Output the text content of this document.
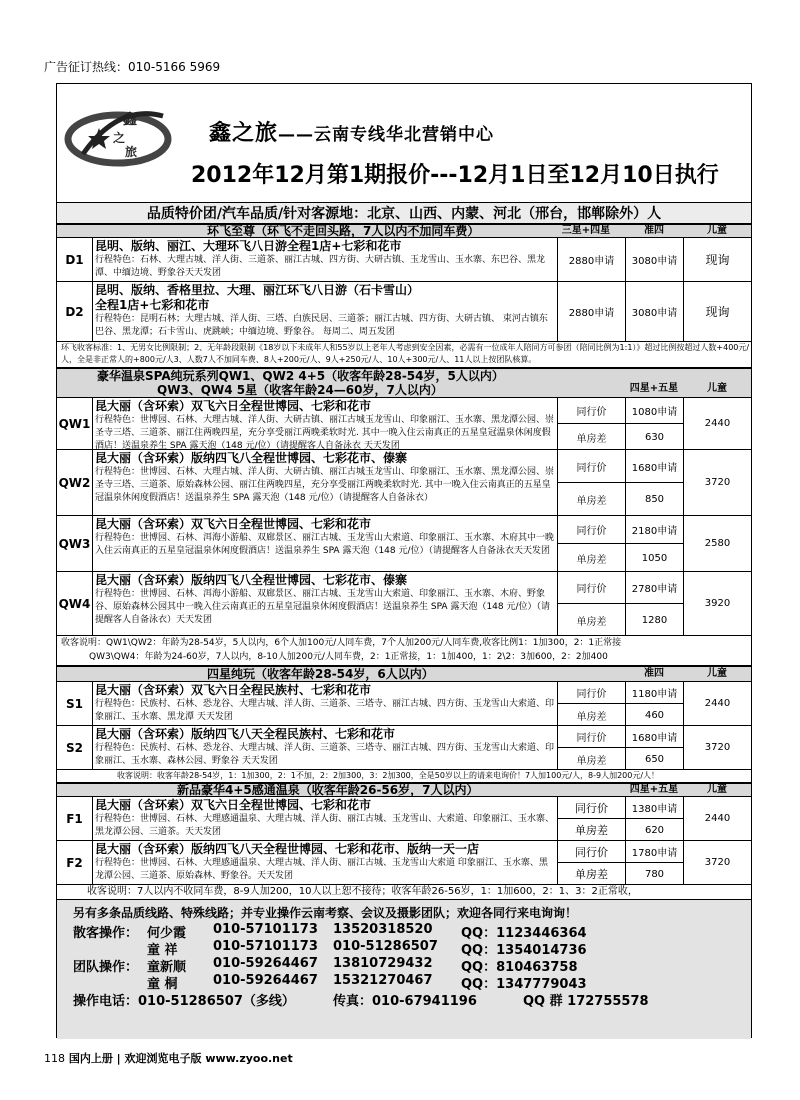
广告征订热线：010-5166 5969
鑫
之
旅
鑫之旅——云南专线华北营销中心
2012年12月第1期报价---12月1日至12月10日执行
品质特价团/汽车品质/针对客源地：北京、山西、内蒙、河北（邢台，邯郸除外）人
环飞至尊（环飞不走回头路，7人以内不加同车费）	三星+四星	准四	儿童
D1
昆明、版纳、丽江、大理环飞八日游全程1店+七彩和花市
行程特色：石林、大理古城、洋人街、三道茶、丽江古城、四方街、大研古镇、玉龙雪山、玉水寨、东巴谷、黑龙潭、中缅边境、野象谷天天发团
2880申请	3080申请	现询
D2
昆明、版纳、香格里拉、大理、丽江环飞八日游（石卡雪山）
全程1店+七彩和花市
行程特色：昆明石林；大理古城、洋人街、三塔、白族民居、三道茶；丽江古城、四方街、大研古镇、 束河古镇东巴谷、黑龙潭；石卡雪山、虎跳峡；中缅边境、野象谷。 每周二、周五发团
2880申请	3080申请	现询
环飞收客标准：1、无男女比例限制；2、无年龄段限制《18岁以下未成年人和55岁以上老年人考虑到安全因素，必需有一位成年人陪同方可参团（陪同比例为1:1）》超过比例按超过人数+400元/人，全是非正常人的+800元/人3、人数7人不加同车费、8人+200元/人、9人+250元/人、10人+300元/人、11人以上按团队核算。
豪华温泉SPA纯玩系列QW1、QW2 4+5（收客年龄28-54岁，5人以内）
QW3、QW4 5星（收客年龄24—60岁，7人以内）	四星+五星	儿童
QW1
昆大丽（含环索）双飞六日全程世博园、七彩和花市
行程特色：世博园、石林、大理古城、洋人街、大研古镇、丽江古城玉龙雪山、印象丽江、玉水寨、黑龙潭公园、崇圣寺三塔、三道茶、丽江住两晚四星，充分享受丽江两晚柔软时光. 其中一晚入住云南真正的五星皇冠温泉休闲度假酒店！送温泉养生 SPA 露天泡（148 元/位）（请提醒客人自备泳衣 天天发团
同行价	1080申请
单房差	630
2440
QW2
昆大丽（含环索）版纳四飞八全程世博园、七彩花市、傣寨
行程特色：世博园、石林、大理古城、洋人街、大研古镇、丽江古城玉龙雪山、印象丽江、玉水寨、黑龙潭公园、崇圣寺三塔、三道茶、原始森林公园、丽江住两晚四星，充分享受丽江两晚柔软时光. 其中一晚入住云南真正的五星皇冠温泉休闲度假酒店！送温泉养生 SPA 露天泡（148 元/位）（请提醒客人自备泳衣）
同行价	1680申请
单房差	850
3720
QW3
昆大丽（含环索）双飞六日全程世博园、七彩和花市
行程特色：世博园、石林、洱海小游船、双廊景区、丽江古城、玉龙雪山大索道、印象丽江、玉水寨、木府其中一晚入住云南真正的五星皇冠温泉休闲度假酒店！送温泉养生 SPA 露天泡（148 元/位）（请提醒客人自备泳衣天天发团
同行价	2180申请
单房差	1050
2580
QW4
昆大丽（含环索）版纳四飞八全程世博园、七彩花市、傣寨
行程特色：世博园、石林、洱海小游船、双廊景区、丽江古城、玉龙雪山大索道、印象丽江、玉水寨、木府、野象谷、原始森林公园其中一晚入住云南真正的五星皇冠温泉休闲度假酒店！送温泉养生 SPA 露天泡（148 元/位）（请提醒客人自备泳衣）天天发团
同行价	2780申请
单房差	1280
3920
收客说明：QW1\QW2：年龄为28-54岁，5人以内，6个人加100元/人同车费，7个人加200元/人同车费,收客比例1：1加300，2：1正常接
QW3\QW4：年龄为24-60岁，7人以内，8-10人加200元/人同车费，2：1正常接，1：1加400，1：2\2：3加600，2：2加400
四星纯玩（收客年龄28-54岁，6人以内）	准四	儿童
S1
昆大丽（含环索）双飞六日全程民族村、七彩和花市
行程特色：民族村、石林、恐龙谷、大理古城、洋人街、三道茶、三塔寺、丽江古城、四方街、玉龙雪山大索道、印象丽江、玉水寨、黑龙潭 天天发团
同行价	1180申请
单房差	460
2440
S2
昆大丽（含环索）版纳四飞八天全程民族村、七彩和花市
行程特色：民族村、石林、恐龙谷、大理古城、洋人街、三道茶、三塔寺、丽江古城、四方街、玉龙雪山大索道、印象丽江、玉水寨、森林公园、野象谷 天天发团
同行价	1680申请
单房差	650
3720
收客说明：收客年龄28-54岁，1：1加300，2：1不加，2：2加300，3：2加300，全是50岁以上的请来电询价！7人加100元/人，8-9人加200元/人！
新品豪华4+5感通温泉（收客年龄26-56岁，7人以内）	四星+五星	儿童
F1
昆大丽（含环索）双飞六日全程世博园、七彩和花市
行程特色：世博园、石林、大理感通温泉、大理古城、洋人街、丽江古城、玉龙雪山、大索道、印象丽江、玉水寨、黑龙潭公园、三道茶。天天发团
同行价	1380申请
单房差	620
2440
F2
昆大丽（含环索）版纳四飞八天全程世博园、七彩和花市、版纳一天一店
行程特色：世博园、石林、大理感通温泉、大理古城、洋人街、丽江古城、玉龙雪山大索道 印象丽江、玉水寨、黑龙潭公园、三道茶、原始森林、野象谷。天天发团
同行价	1780申请
单房差	780
3720
收客说明：7人以内不收同车费，8-9人加200，10人以上恕不接待；收客年龄26-56岁，1：1加600，2：1、3：2正常收，
另有多条品质线路、特殊线路；并专业操作云南考察、会议及摄影团队；欢迎各同行来电询询！
散客操作： 何少霞 010-57101173 13520318520 QQ：1123446364
童 祥	010-57101173 010-51286507 QQ：1354014736
团队操作： 童新顺 010-59264467 13810729432 QQ：810463758
童 桐	010-59264467 15321270467 QQ：1347779043
操作电话：010-51286507（多线）	传真：010-67941196	QQ 群 172755578
118 国内上册 | 欢迎浏览电子版 www.zyoo.net
